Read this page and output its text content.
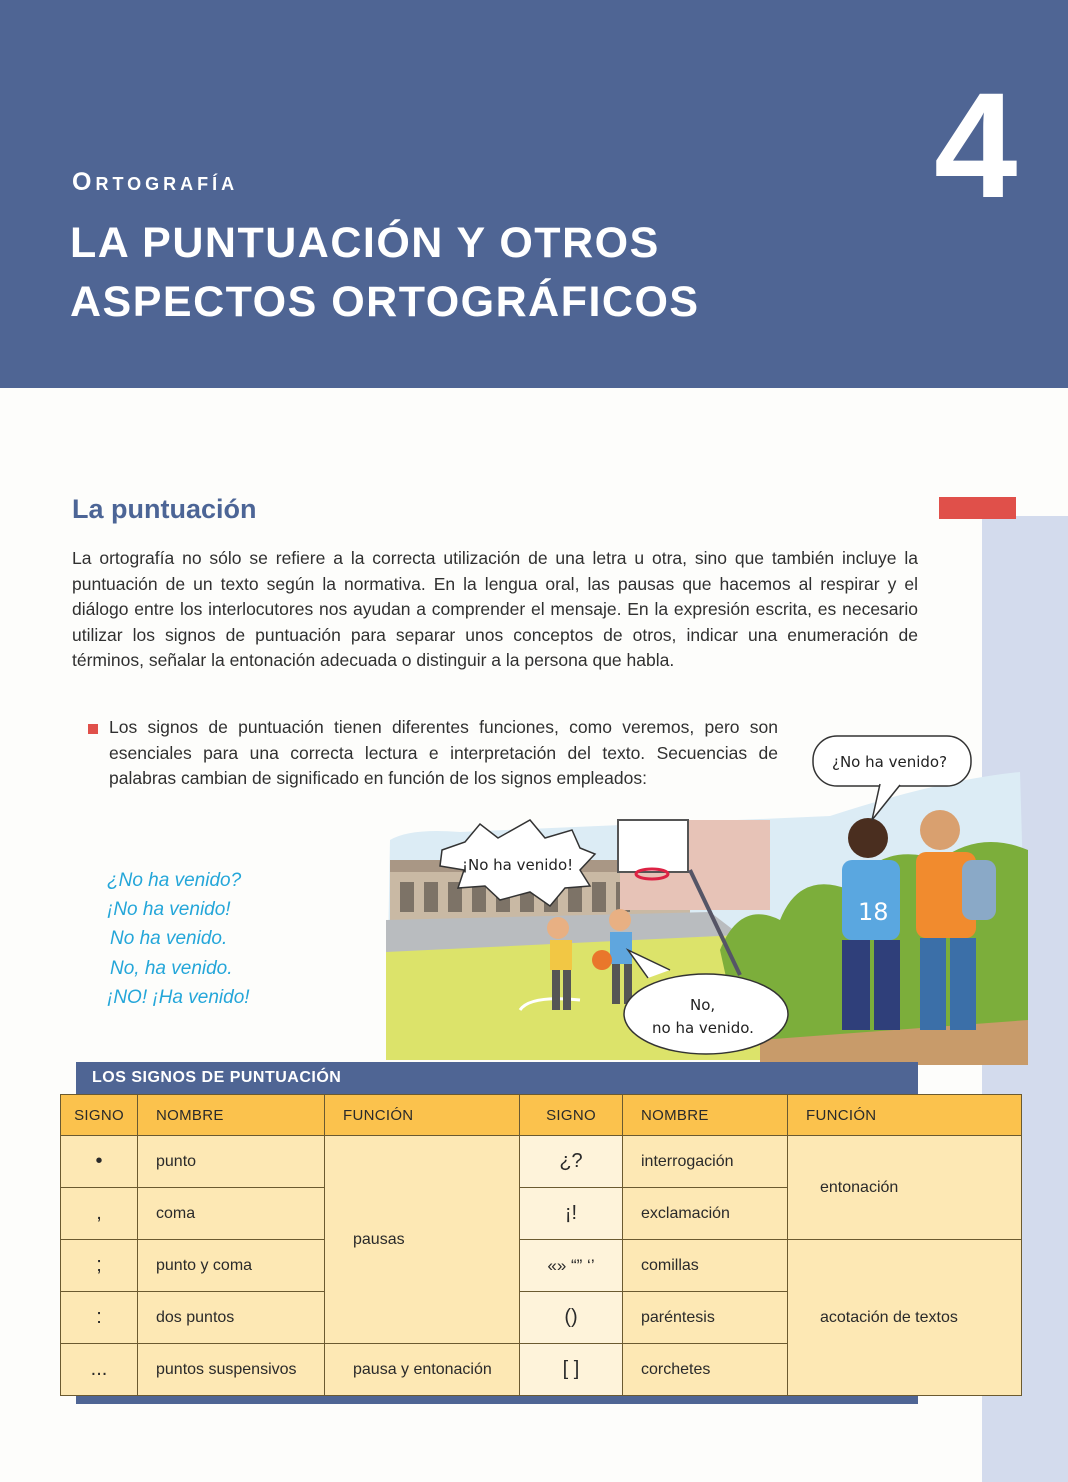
Ortografía
LA PUNTUACIÓN Y OTROS
ASPECTOS ORTOGRÁFICOS
4
La puntuación

La ortografía no sólo se refiere a la correcta utilización de una letra u otra, sino que también incluye la puntuación de un texto según la normativa. En la lengua oral, las pausas que hacemos al respirar y el diálogo entre los interlocutores nos ayudan a comprender el mensaje. En la expresión escrita, es necesario utilizar los signos de puntuación para separar unos conceptos de otros, indicar una enumeración de términos, señalar la entonación adecuada o distinguir a la persona que habla.

Los signos de puntuación tienen diferentes funciones, como veremos, pero son esenciales para una correcta lectura e interpretación del texto. Secuencias de palabras cambian de significado en función de los signos empleados:

¿No ha venido?
¡No ha venido!
No ha venido.
No, ha venido.
¡NO! ¡Ha venido!
18
¿No ha venido?
¡No ha venido!
No,
no ha venido.
LOS SIGNOS DE PUNTUACIÓN
SIGNO	NOMBRE	FUNCIÓN	SIGNO	NOMBRE	FUNCIÓN
•	punto	pausas	¿?	interrogación	entonación
,	coma		¡!	exclamación	
;	punto y coma		«» “” ‘’	comillas	acotación de textos
:	dos puntos		()	paréntesis	
...	puntos suspensivos	pausa y entonación	[ ]	corchetes	
